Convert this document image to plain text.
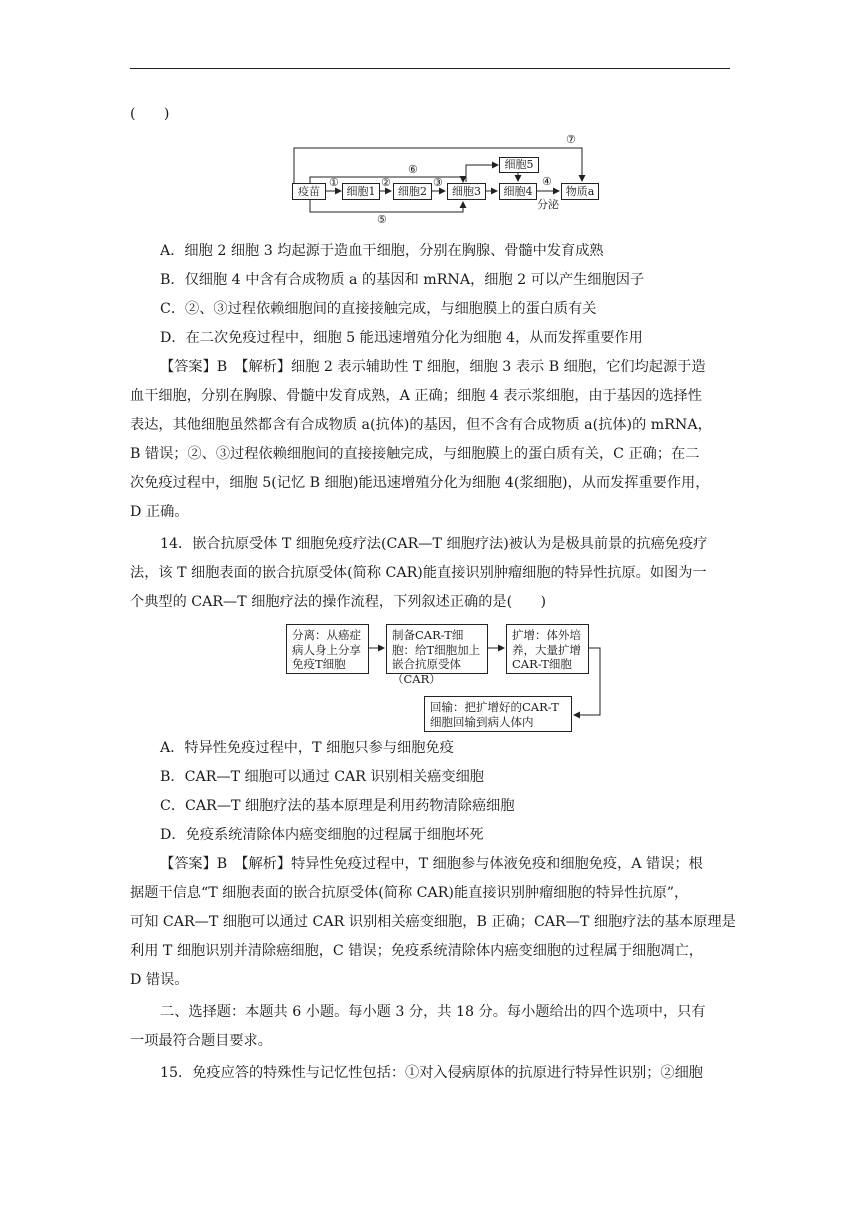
(　　)
疫苗	细胞1	细胞2	细胞3	细胞4
细胞5
物质a
①	②	③	④
⑤
⑥
⑦
分泌
A．细胞 2 细胞 3 均起源于造血干细胞，分别在胸腺、骨髓中发育成熟
B．仅细胞 4 中含有合成物质 a 的基因和 mRNA，细胞 2 可以产生细胞因子
C．②、③过程依赖细胞间的直接接触完成，与细胞膜上的蛋白质有关
D．在二次免疫过程中，细胞 5 能迅速增殖分化为细胞 4，从而发挥重要作用
【答案】B　【解析】细胞 2 表示辅助性 T 细胞，细胞 3 表示 B 细胞，它们均起源于造
血干细胞，分别在胸腺、骨髓中发育成熟，A 正确；细胞 4 表示浆细胞，由于基因的选择性
表达，其他细胞虽然都含有合成物质 a(抗体)的基因，但不含有合成物质 a(抗体)的 mRNA，
B 错误；②、③过程依赖细胞间的直接接触完成，与细胞膜上的蛋白质有关，C 正确；在二
次免疫过程中，细胞 5(记忆 B 细胞)能迅速增殖分化为细胞 4(浆细胞)，从而发挥重要作用，
D 正确。
14．嵌合抗原受体 T 细胞免疫疗法(CAR—T 细胞疗法)被认为是极具前景的抗癌免疫疗
法，该 T 细胞表面的嵌合抗原受体(简称 CAR)能直接识别肿瘤细胞的特异性抗原。如图为一
个典型的 CAR—T 细胞疗法的操作流程，下列叙述正确的是(　　)
分离：从癌症病人身上分享免疫T细胞
制备CAR-T细胞：给T细胞加上嵌合抗原受体（CAR）
扩增：体外培养，大量扩增CAR-T细胞
回输：把扩增好的CAR-T细胞回输到病人体内
A．特异性免疫过程中，T 细胞只参与细胞免疫
B．CAR—T 细胞可以通过 CAR 识别相关癌变细胞
C．CAR—T 细胞疗法的基本原理是利用药物清除癌细胞
D．免疫系统清除体内癌变细胞的过程属于细胞坏死
【答案】B　【解析】特异性免疫过程中，T 细胞参与体液免疫和细胞免疫，A 错误；根
据题干信息“T 细胞表面的嵌合抗原受体(简称 CAR)能直接识别肿瘤细胞的特异性抗原”，
可知 CAR—T 细胞可以通过 CAR 识别相关癌变细胞，B 正确；CAR—T 细胞疗法的基本原理是
利用 T 细胞识别并清除癌细胞，C 错误；免疫系统清除体内癌变细胞的过程属于细胞凋亡，
D 错误。
二、选择题：本题共 6 小题。每小题 3 分，共 18 分。每小题给出的四个选项中，只有
一项最符合题目要求。
15．免疫应答的特殊性与记忆性包括：①对入侵病原体的抗原进行特异性识别；②细胞
